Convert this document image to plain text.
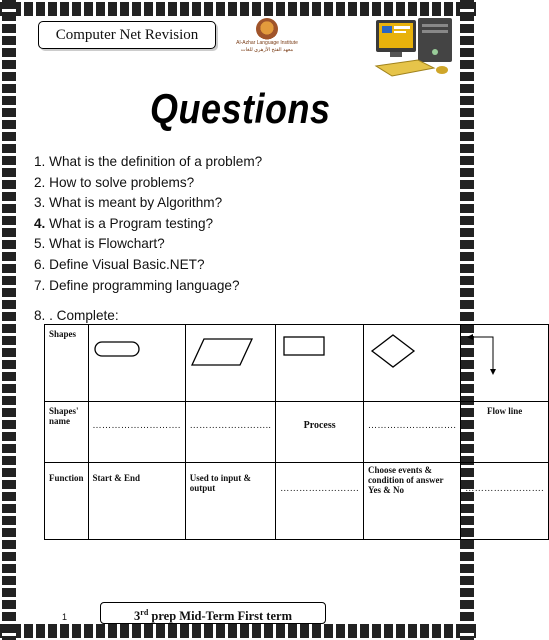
Computer Net Revision	Al-Azhar Language Institute
معهد الفتح الأزهري للغات
Questions
1. What is the definition of a problem?
2. How to solve problems?
3. What is meant by Algorithm?
4. What is a Program testing?
5. What is Flowchart?
6. Define Visual Basic.NET?
7. Define programming language?
8. . Complete:
Shapes					
Shapes' name	……………………….	……………………..	Process	……………………….	Flow line
Function	Start & End	Used to input & output	…………………….	Choose events & condition of answer Yes & No	…………………….
1	3rd prep Mid-Term First term
